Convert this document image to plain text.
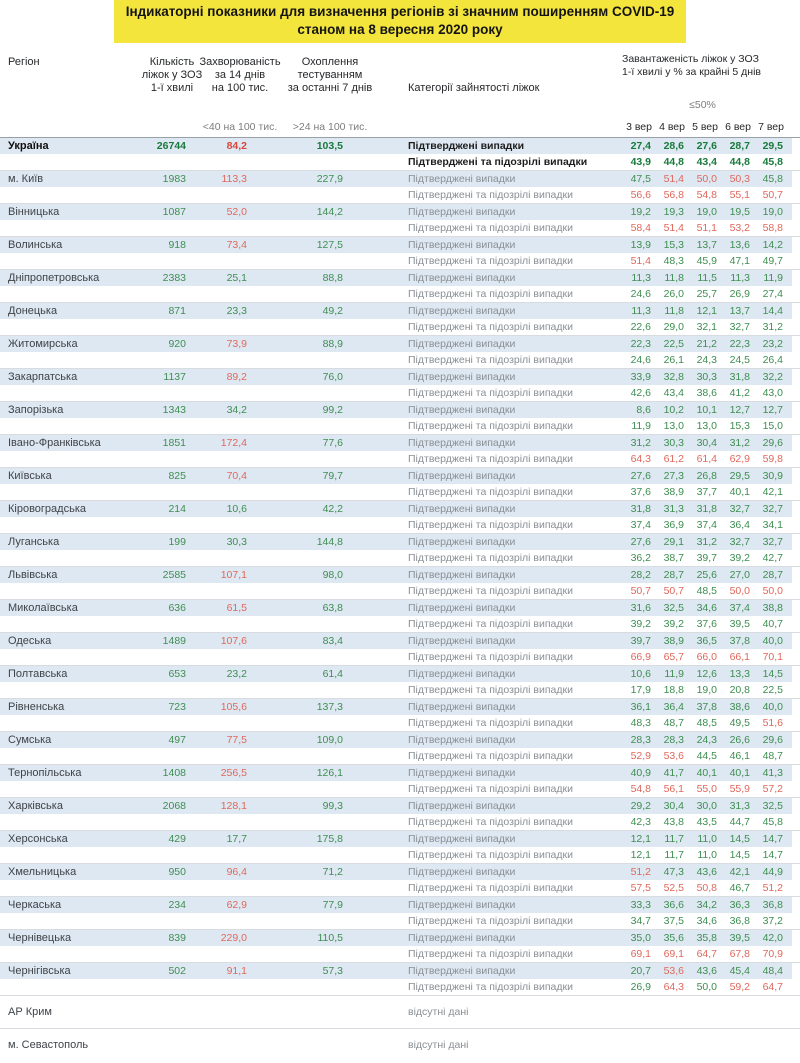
Індикаторні показники для визначення регіонів зі значним поширенням COVID-19
станом на 8 вересня 2020 року
Регіон	Кількість
ліжок у ЗОЗ
1-ї хвилі
Захворюваність
за 14 днів
на 100 тис.
Охоплення
тестуванням
за останні 7 днів	Категорії зайнятості ліжок
Завантаженість ліжок у ЗОЗ
1-ї хвилі у % за крайні 5 днів
≤50%
<40 на 100 тис.	>24 на 100 тис.	3 вер 4 вер 5 вер 6 вер 7 вер
Україна	26744	84,2	103,5	Підтверджені випадки	27,4	28,6	27,6	28,7	29,5
Підтверджені та підозрілі випадки	43,9	44,8	43,4	44,8	45,8
м. Київ	1983	113,3	227,9	Підтверджені випадки	47,5	51,4	50,0	50,3	45,8
Підтверджені та підозрілі випадки	56,6	56,8	54,8	55,1	50,7
Вінницька	1087	52,0	144,2	Підтверджені випадки	19,2	19,3	19,0	19,5	19,0
Підтверджені та підозрілі випадки	58,4	51,4	51,1	53,2	58,8
Волинська	918	73,4	127,5	Підтверджені випадки	13,9	15,3	13,7	13,6	14,2
Підтверджені та підозрілі випадки	51,4	48,3	45,9	47,1	49,7
Дніпропетровська	2383	25,1	88,8	Підтверджені випадки	11,3	11,8	11,5	11,3	11,9
Підтверджені та підозрілі випадки	24,6	26,0	25,7	26,9	27,4
Донецька	871	23,3	49,2	Підтверджені випадки	11,3	11,8	12,1	13,7	14,4
Підтверджені та підозрілі випадки	22,6	29,0	32,1	32,7	31,2
Житомирська	920	73,9	88,9	Підтверджені випадки	22,3	22,5	21,2	22,3	23,2
Підтверджені та підозрілі випадки	24,6	26,1	24,3	24,5	26,4
Закарпатська	1137	89,2	76,0	Підтверджені випадки	33,9	32,8	30,3	31,8	32,2
Підтверджені та підозрілі випадки	42,6	43,4	38,6	41,2	43,0
Запорізька	1343	34,2	99,2	Підтверджені випадки	8,6	10,2	10,1	12,7	12,7
Підтверджені та підозрілі випадки	11,9	13,0	13,0	15,3	15,0
Івано-Франківська	1851	172,4	77,6	Підтверджені випадки	31,2	30,3	30,4	31,2	29,6
Підтверджені та підозрілі випадки	64,3	61,2	61,4	62,9	59,8
Київська	825	70,4	79,7	Підтверджені випадки	27,6	27,3	26,8	29,5	30,9
Підтверджені та підозрілі випадки	37,6	38,9	37,7	40,1	42,1
Кіровоградська	214	10,6	42,2	Підтверджені випадки	31,8	31,3	31,8	32,7	32,7
Підтверджені та підозрілі випадки	37,4	36,9	37,4	36,4	34,1
Луганська	199	30,3	144,8	Підтверджені випадки	27,6	29,1	31,2	32,7	32,7
Підтверджені та підозрілі випадки	36,2	38,7	39,7	39,2	42,7
Львівська	2585	107,1	98,0	Підтверджені випадки	28,2	28,7	25,6	27,0	28,7
Підтверджені та підозрілі випадки	50,7	50,7	48,5	50,0	50,0
Миколаївська	636	61,5	63,8	Підтверджені випадки	31,6	32,5	34,6	37,4	38,8
Підтверджені та підозрілі випадки	39,2	39,2	37,6	39,5	40,7
Одеська	1489	107,6	83,4	Підтверджені випадки	39,7	38,9	36,5	37,8	40,0
Підтверджені та підозрілі випадки	66,9	65,7	66,0	66,1	70,1
Полтавська	653	23,2	61,4	Підтверджені випадки	10,6	11,9	12,6	13,3	14,5
Підтверджені та підозрілі випадки	17,9	18,8	19,0	20,8	22,5
Рівненська	723	105,6	137,3	Підтверджені випадки	36,1	36,4	37,8	38,6	40,0
Підтверджені та підозрілі випадки	48,3	48,7	48,5	49,5	51,6
Сумська	497	77,5	109,0	Підтверджені випадки	28,3	28,3	24,3	26,6	29,6
Підтверджені та підозрілі випадки	52,9	53,6	44,5	46,1	48,7
Тернопільська	1408	256,5	126,1	Підтверджені випадки	40,9	41,7	40,1	40,1	41,3
Підтверджені та підозрілі випадки	54,8	56,1	55,0	55,9	57,2
Харківська	2068	128,1	99,3	Підтверджені випадки	29,2	30,4	30,0	31,3	32,5
Підтверджені та підозрілі випадки	42,3	43,8	43,5	44,7	45,8
Херсонська	429	17,7	175,8	Підтверджені випадки	12,1	11,7	11,0	14,5	14,7
Підтверджені та підозрілі випадки	12,1	11,7	11,0	14,5	14,7
Хмельницька	950	96,4	71,2	Підтверджені випадки	51,2	47,3	43,6	42,1	44,9
Підтверджені та підозрілі випадки	57,5	52,5	50,8	46,7	51,2
Черкаська	234	62,9	77,9	Підтверджені випадки	33,3	36,6	34,2	36,3	36,8
Підтверджені та підозрілі випадки	34,7	37,5	34,6	36,8	37,2
Чернівецька	839	229,0	110,5	Підтверджені випадки	35,0	35,6	35,8	39,5	42,0
Підтверджені та підозрілі випадки	69,1	69,1	64,7	67,8	70,9
Чернігівська	502	91,1	57,3	Підтверджені випадки	20,7	53,6	43,6	45,4	48,4
Підтверджені та підозрілі випадки	26,9	64,3	50,0	59,2	64,7
АР Крим	відсутні дані
м. Севастополь	відсутні дані
